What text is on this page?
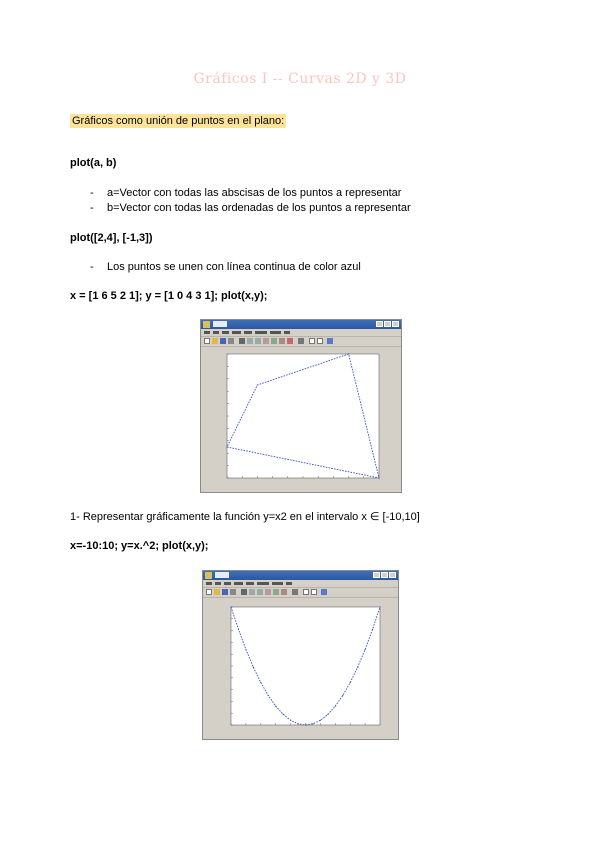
Gráficos I -- Curvas 2D y 3D
Gráficos como unión de puntos en el plano:
plot(a, b)
- a=Vector con todas las abscisas de los puntos a representar
- b=Vector con todas las ordenadas de los puntos a representar
plot([2,4], [-1,3])
- Los puntos se unen con línea continua de color azul
x = [1 6 5 2 1]; y = [1 0 4 3 1]; plot(x,y);
1- Representar gráficamente la función y=x2 en el intervalo x ∈ [-10,10]
x=-10:10; y=x.^2; plot(x,y);
